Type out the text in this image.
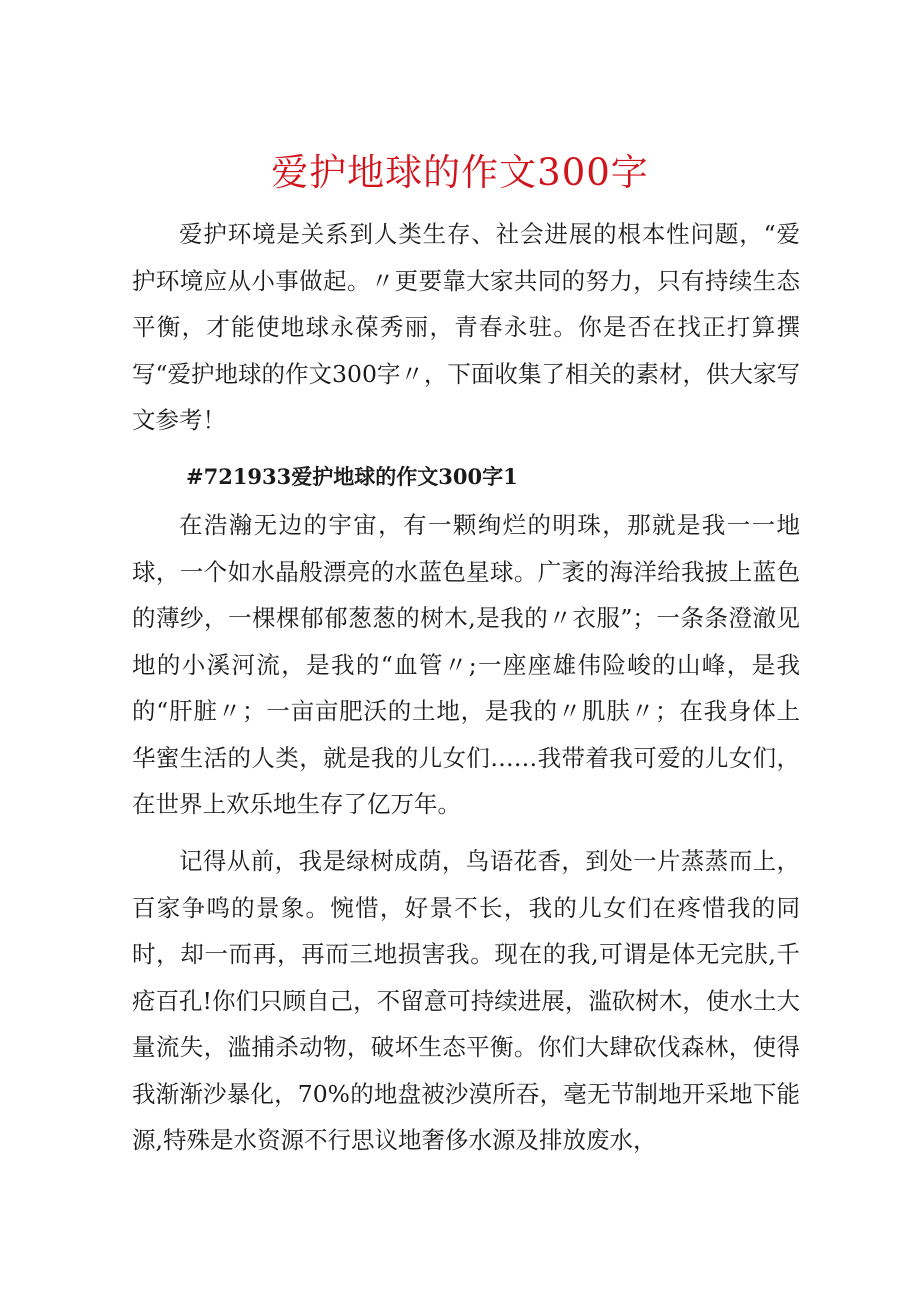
爱护地球的作文300字

爱护环境是关系到人类生存、社会进展的根本性问题，“爱护环境应从小事做起。〃更要靠大家共同的努力，只有持续生态平衡，才能使地球永葆秀丽，青春永驻。你是否在找正打算撰写“爱护地球的作文300字〃，下面收集了相关的素材，供大家写文参考！

#721933爱护地球的作文300字1

在浩瀚无边的宇宙，有一颗绚烂的明珠，那就是我一一地球，一个如水晶般漂亮的水蓝色星球。广袤的海洋给我披上蓝色的薄纱，一棵棵郁郁葱葱的树木,是我的〃衣服”；一条条澄澈见地的小溪河流，是我的“血管〃;一座座雄伟险峻的山峰，是我的“肝脏〃；一亩亩肥沃的土地，是我的〃肌肤〃；在我身体上华蜜生活的人类，就是我的儿女们……我带着我可爱的儿女们，在世界上欢乐地生存了亿万年。

记得从前，我是绿树成荫，鸟语花香，到处一片蒸蒸而上，百家争鸣的景象。惋惜，好景不长，我的儿女们在疼惜我的同时，却一而再，再而三地损害我。现在的我,可谓是体无完肤,千疮百孔!你们只顾自己，不留意可持续进展，滥砍树木，使水土大量流失，滥捕杀动物，破坏生态平衡。你们大肆砍伐森林，使得我渐渐沙暴化，70%的地盘被沙漠所吞，毫无节制地开采地下能源,特殊是水资源不行思议地奢侈水源及排放废水，
